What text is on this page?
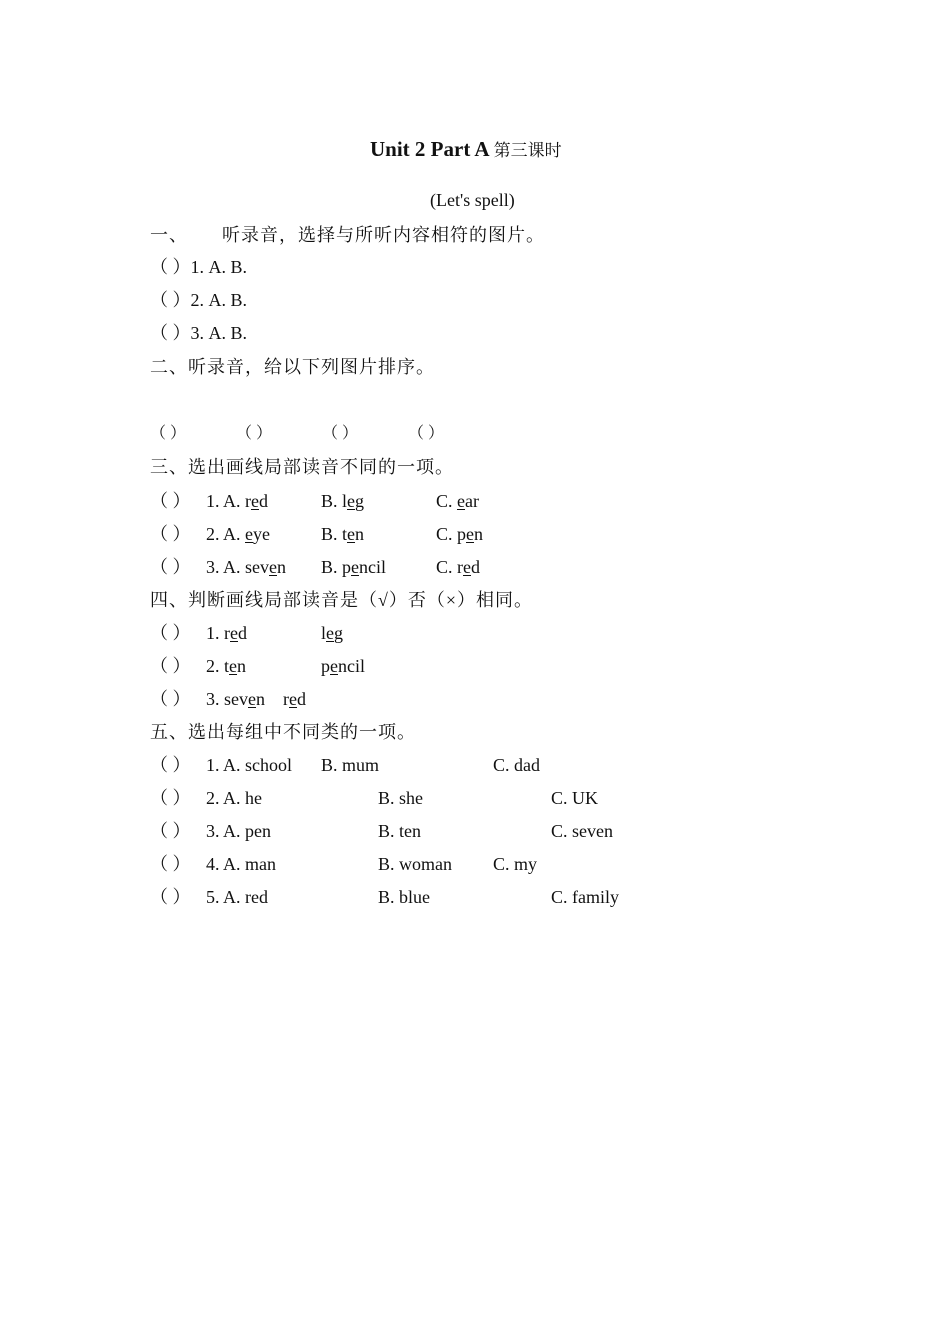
Unit 2 Part A 第三课时
(Let's spell)
一、 听录音，选择与所听内容相符的图片。
（ ）1. A. B.
（ ）2. A. B.
（ ）3. A. B.
二、听录音，给以下列图片排序。
（ ）	（ ）	（ ）	（ ）
三、选出画线局部读音不同的一项。
（ ） 1. A. red	B. leg	C. ear
（ ） 2. A. eye	B. ten	C. pen
（ ） 3. A. seven B. pencil	C. red
四、判断画线局部读音是（√）否（×）相同。
（ ） 1. red	leg
（ ） 2. ten	pencil
（ ） 3. seven red
五、选出每组中不同类的一项。
（ ） 1. A. school B. mum	C. dad
（ ） 2. A. he	B. she	C. UK
（ ） 3. A. pen	B. ten	C. seven
（ ） 4. A. man	B. woman C. my
（ ） 5. A. red	B. blue	C. family
